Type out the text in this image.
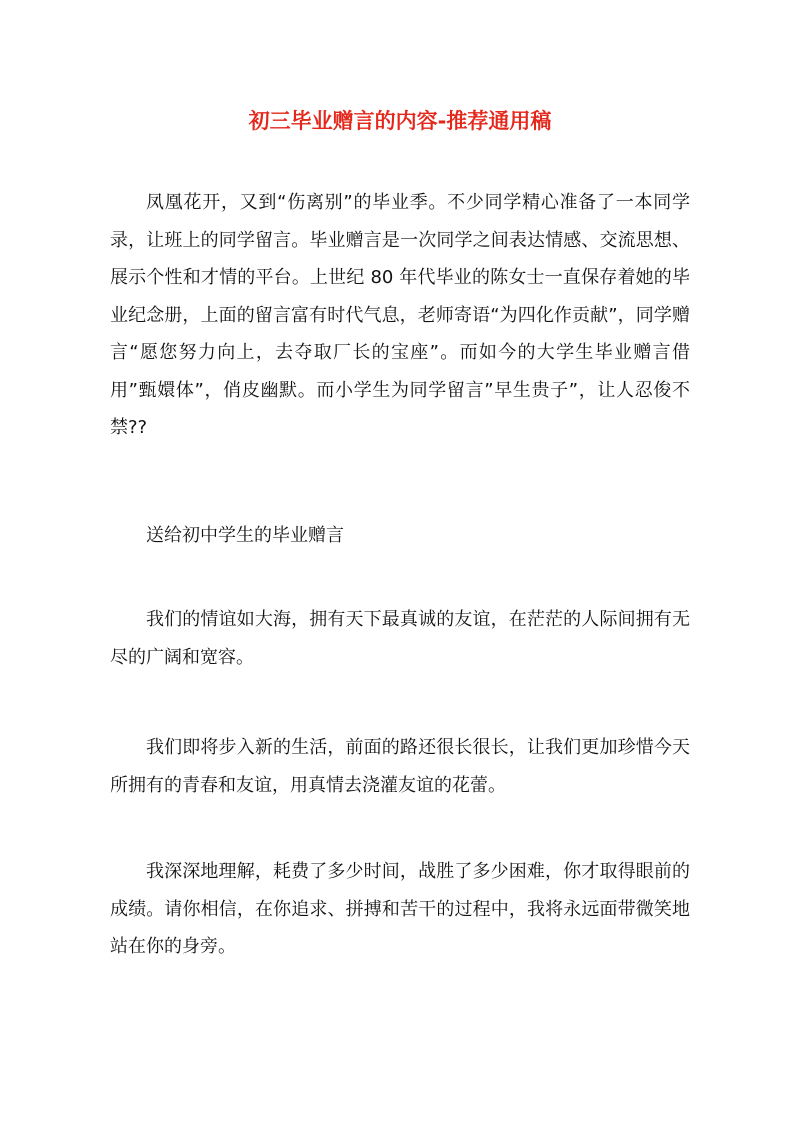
初三毕业赠言的内容-推荐通用稿

凤凰花开，又到“伤离别”的毕业季。不少同学精心准备了一本同学录，让班上的同学留言。毕业赠言是一次同学之间表达情感、交流思想、展示个性和才情的平台。上世纪 80 年代毕业的陈女士一直保存着她的毕业纪念册，上面的留言富有时代气息，老师寄语“为四化作贡献”，同学赠言“愿您努力向上，去夺取厂长的宝座”。而如今的大学生毕业赠言借用”甄嬛体”，俏皮幽默。而小学生为同学留言”早生贵子”，让人忍俊不禁??

送给初中学生的毕业赠言

我们的情谊如大海，拥有天下最真诚的友谊，在茫茫的人际间拥有无尽的广阔和宽容。

我们即将步入新的生活，前面的路还很长很长，让我们更加珍惜今天所拥有的青春和友谊，用真情去浇灌友谊的花蕾。

我深深地理解，耗费了多少时间，战胜了多少困难，你才取得眼前的成绩。请你相信，在你追求、拼搏和苦干的过程中，我将永远面带微笑地站在你的身旁。
